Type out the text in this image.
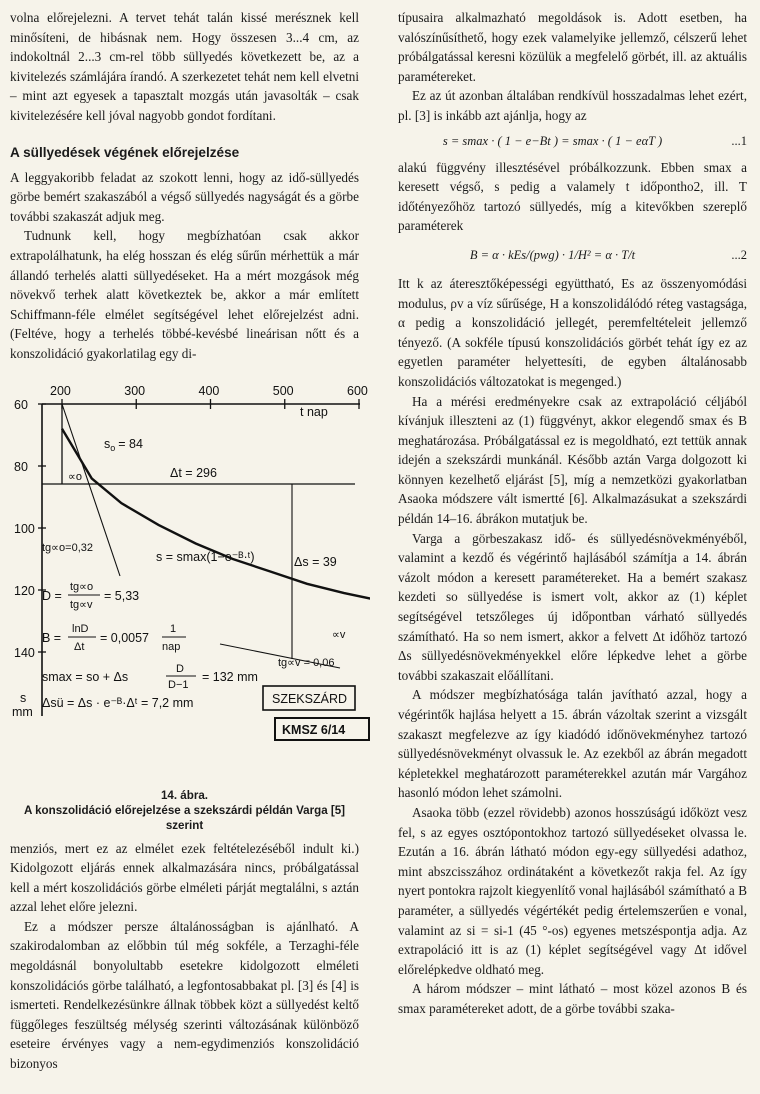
volna előrejelezni. A tervet tehát talán kissé merésznek kell minősíteni, de hibásnak nem. Hogy összesen 3...4 cm, az indokoltnál 2...3 cm-rel több süllyedés következett be, az a kivitelezés számlájára írandó. A szerkezetet tehát nem kell elvetni – mint azt egyesek a tapasztalt mozgás után javasolták – csak kivitelezésére kell jóval nagyobb gondot fordítani.

A süllyedések végének előrejelzése

A leggyakoribb feladat az szokott lenni, hogy az idő-süllyedés görbe bemért szakaszából a végső süllyedés nagyságát és a görbe további szakaszát adjuk meg.

Tudnunk kell, hogy megbízhatóan csak akkor extrapolálhatunk, ha elég hosszan és elég sűrűn mérhettük a már állandó terhelés alatti süllyedéseket. Ha a mért mozgások még növekvő terhek alatt következtek be, akkor a már említett Schiffmann-féle elmélet segítségével lehet előrejelzést adni. (Feltéve, hogy a terhelés többé-kevésbé lineárisan nőtt és a konszolidáció gyakorlatilag egy di-

200	300	400	500	600
60
80
100
120
140
t nap
s
mm
$s_o = 84$
∝o	Δt = 296
tg∝o=0,32
s = smax(1−e⁻ᴮ·ᵗ)	Δs = 39
D =
tg∝o
tg∝v
= 5,33
B =
lnD
Δt
= 0,0057
1
nap
∝v
tg∝v = 0,06
smax = so + Δs
D
D−1
= 132 mm
Δsü = Δs · e⁻ᴮ·Δᵗ = 7,2 mm	SZEKSZÁRD
KMSZ 6/14
14. ábra.
A konszolidáció előrejelzése a szekszárdi példán Varga [5] szerint

menziós, mert ez az elmélet ezek feltételezéséből indult ki.) Kidolgozott eljárás ennek alkalmazására nincs, próbálgatással kell a mért koszolidációs görbe elméleti párját megtalálni, s aztán azzal lehet előre jelezni.

Ez a módszer persze általánosságban is ajánlható. A szakirodalomban az előbbin túl még sokféle, a Terzaghi-féle megoldásnál bonyolultabb esetekre kidolgozott elméleti konszolidációs görbe található, a legfontosabbakat pl. [3] és [4] is ismerteti. Rendelkezésünkre állnak többek közt a süllyedést keltő függőleges feszültség mélység szerinti változásának különböző eseteire érvényes vagy a nem-egydimenziós konszolidáció bizonyos

típusaira alkalmazható megoldások is. Adott esetben, ha valószínűsíthető, hogy ezek valamelyike jellemző, célszerű lehet próbálgatással keresni közülük a megfelelő görbét, ill. az aktuális paramétereket.

Ez az út azonban általában rendkívül hosszadalmas lehet ezért, pl. [3] is inkább azt ajánlja, hogy az

s = smax · ( 1 − e−Bt ) = smax · ( 1 − eαT )	...1

alakú függvény illesztésével próbálkozzunk. Ebben smax a keresett végső, s pedig a valamely t időpontho2, ill. T időtényezőhöz tartozó süllyedés, míg a kitevőkben szereplő paraméterek

B = α · kEs/(pwg) · 1/H² = α · T/t	...2

Itt k az áteresztőképességi együttható, Es az összenyomódási modulus, ρv a víz sűrűsége, H a konszolidálódó réteg vastagsága, α pedig a konszolidáció jellegét, peremfeltételeit jellemző tényező. (A sokféle típusú konszolidációs görbét tehát így ez az egyetlen paraméter helyettesíti, de egyben általánosabb konszolidációs változatokat is megenged.)

Ha a mérési eredményekre csak az extrapoláció céljából kívánjuk illeszteni az (1) függvényt, akkor elegendő smax és B meghatározása. Próbálgatással ez is megoldható, ezt tettük annak idején a szekszárdi munkánál. Később aztán Varga dolgozott ki könnyen kezelhető eljárást [5], míg a nemzetközi gyakorlatban Asaoka módszere vált ismertté [6]. Alkalmazásukat a szekszárdi példán 14–16. ábrákon mutatjuk be.

Varga a görbeszakasz idő- és süllyedésnövekményéből, valamint a kezdő és végérintő hajlásából számítja a 14. ábrán vázolt módon a keresett paramétereket. Ha a bemért szakasz kezdeti so süllyedése is ismert volt, akkor az (1) képlet segítségével tetszőleges új időpontban várható süllyedés számítható. Ha so nem ismert, akkor a felvett Δt időhöz tartozó Δs süllyedésnövekményekkel előre lépkedve lehet a görbe további szakaszait előállítani.

A módszer megbízhatósága talán javítható azzal, hogy a végérintők hajlása helyett a 15. ábrán vázoltak szerint a vizsgált szakaszt megfelezve az így kiadódó időnövekményhez tartozó süllyedésnövekményt olvassuk le. Az ezekből az ábrán megadott képletekkel meghatározott paraméterekkel azután már Vargához hasonló módon lehet számolni.

Asaoka több (ezzel rövidebb) azonos hosszúságú időközt vesz fel, s az egyes osztópontokhoz tartozó süllyedéseket olvassa le. Ezután a 16. ábrán látható módon egy-egy süllyedési adathoz, mint abszcisszához ordinátaként a következőt rakja fel. Az így nyert pontokra rajzolt kiegyenlítő vonal hajlásából számítható a B paraméter, a süllyedés végértékét pedig értelemszerűen e vonal, valamint az si = si-1 (45 °-os) egyenes metszéspontja adja. Az extrapoláció itt is az (1) képlet segítségével vagy Δt idővel előrelépkedve oldható meg.

A három módszer – mint látható – most közel azonos B és smax paramétereket adott, de a görbe további szaka-
